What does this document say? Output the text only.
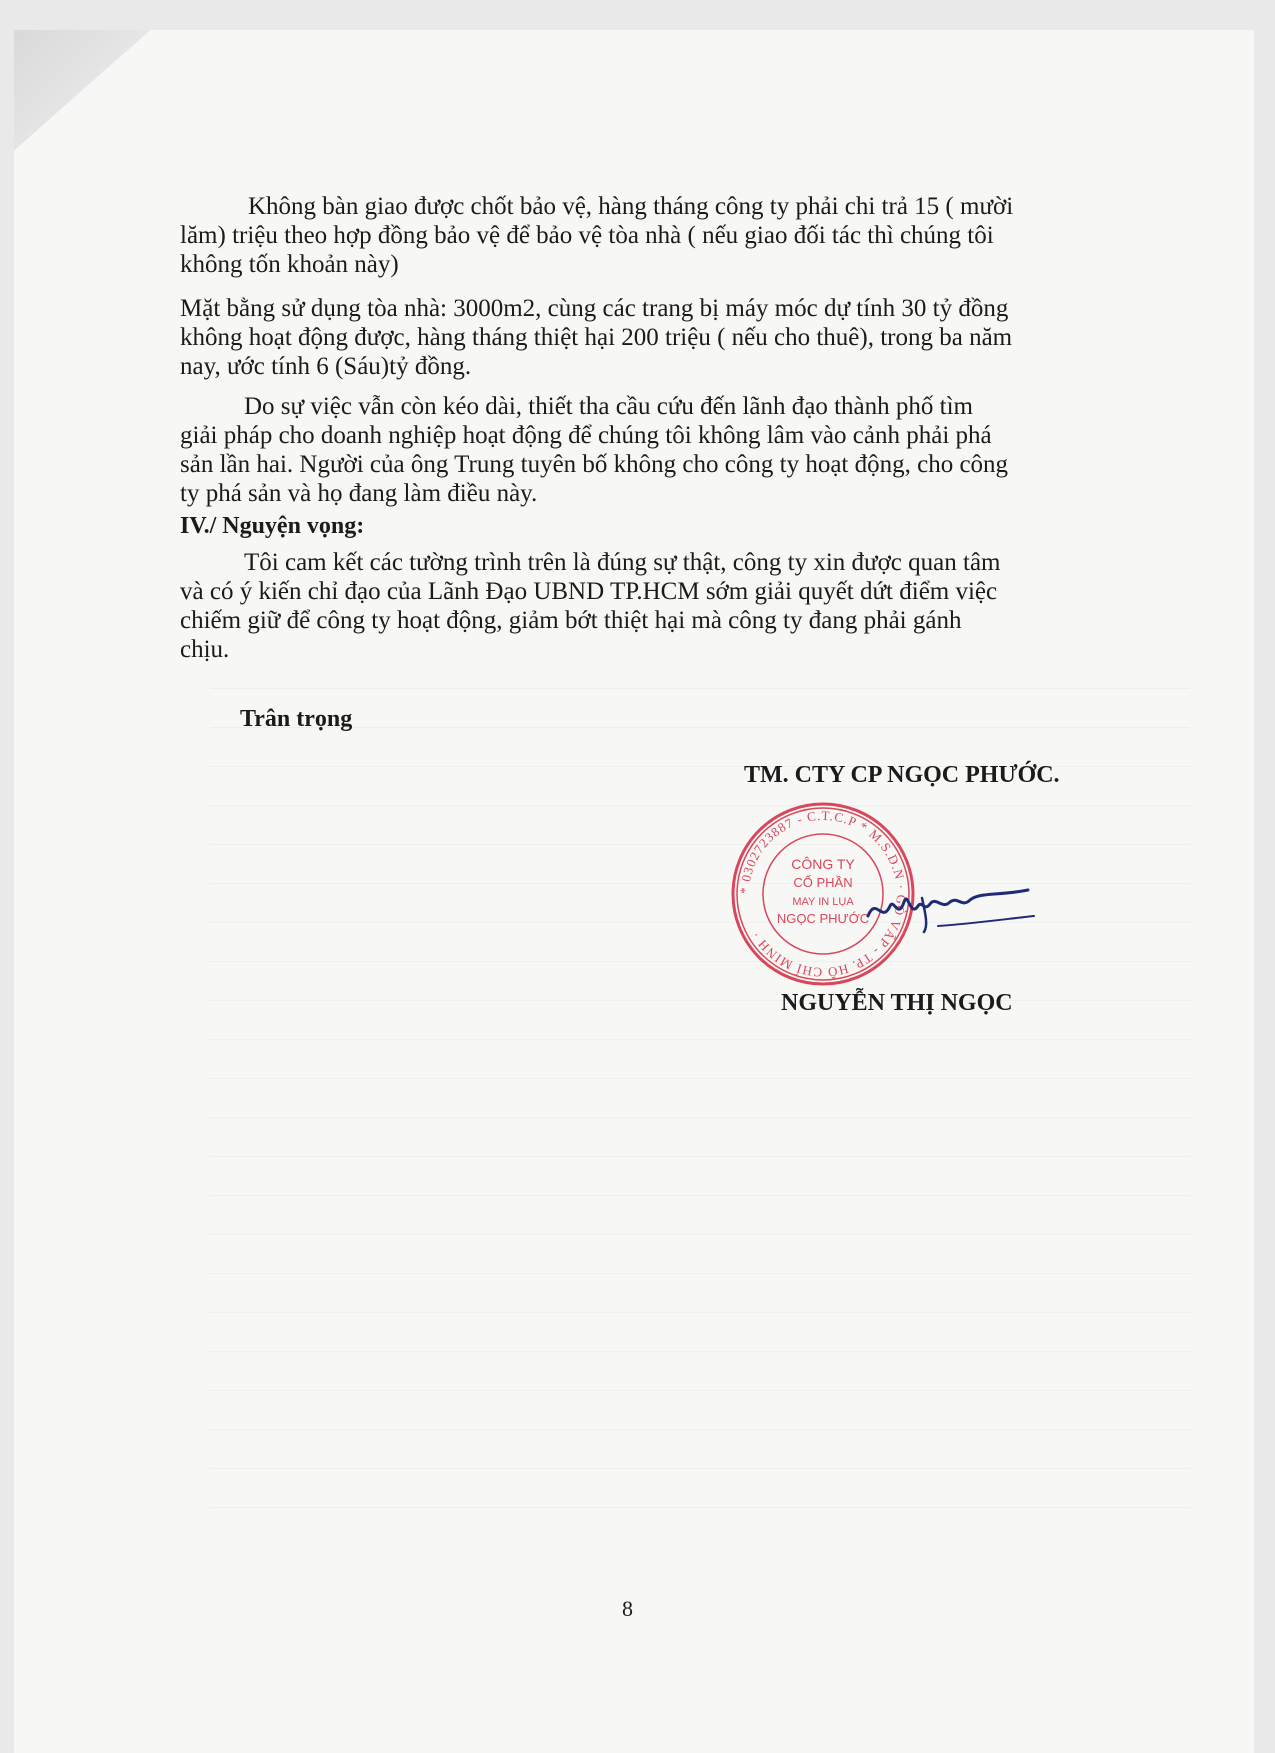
Không bàn giao được chốt bảo vệ, hàng tháng công ty phải chi trả 15 ( mười
lăm) triệu theo hợp đồng bảo vệ để bảo vệ tòa nhà ( nếu giao đối tác thì chúng tôi
không tốn khoản này)
Mặt bằng sử dụng tòa nhà: 3000m2, cùng các trang bị máy móc dự tính 30 tỷ đồng
không hoạt động được, hàng tháng thiệt hại 200 triệu ( nếu cho thuê), trong ba năm
nay, ước tính 6 (Sáu)tỷ đồng.
Do sự việc vẫn còn kéo dài, thiết tha cầu cứu đến lãnh đạo thành phố tìm
giải pháp cho doanh nghiệp hoạt động để chúng tôi không lâm vào cảnh phải phá
sản lần hai. Người của ông Trung tuyên bố không cho công ty hoạt động, cho công
ty phá sản và họ đang làm điều này.
IV./ Nguyện vọng:
Tôi cam kết các tường trình trên là đúng sự thật, công ty xin được quan tâm
và có ý kiến chỉ đạo của Lãnh Đạo UBND TP.HCM sớm giải quyết dứt điểm việc
chiếm giữ để công ty hoạt động, giảm bớt thiệt hại mà công ty đang phải gánh
chịu.
Trân trọng
TM. CTY CP NGỌC PHƯỚC.
* 0302723887 - C.T.C.P * M.S.D.N · GÒ VẤP - TP. HỒ CHÍ MINH ·
CÔNG TY
CỔ PHẦN
MAY IN LỤA
NGỌC PHƯỚC
NGUYỄN THỊ NGỌC
8
